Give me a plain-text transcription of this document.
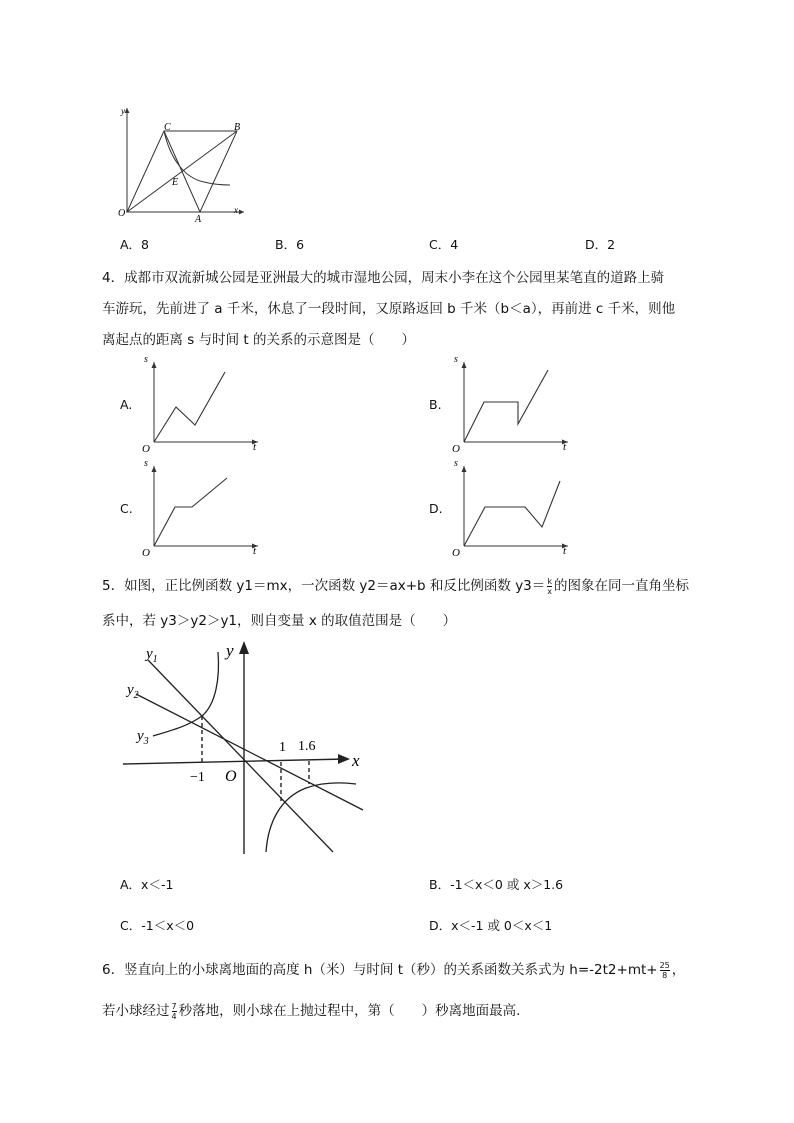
y
x
O
A
B
C
E
A．8	B．6	C．4	D．2
4．成都市双流新城公园是亚洲最大的城市湿地公园，周末小李在这个公园里某笔直的道路上骑
车游玩，先前进了 a 千米，休息了一段时间，又原路返回 b 千米（b＜a），再前进 c 千米，则他
离起点的距离 s 与时间 t 的关系的示意图是（　　）
A.	B.
C.	D.
s
t
O
s
t
O
s
t
O
s
t
O
5．如图，正比例函数 y1＝mx，一次函数 y2＝ax+b 和反比例函数 $y3= \frac{k}{x}$ 的图象在同一直角坐标
系中，若 y3＞y2＞y1，则自变量 x 的取值范围是（　　）
$y_1$
$y_2$
$y_3$
y
x
O
−1
1 1.6
A．x＜-1	B．-1＜x＜0 或 x＞1.6
C．-1＜x＜0	D．x＜-1 或 0＜x＜1
6．竖直向上的小球离地面的高度 h（米）与时间 t（秒）的关系函数关系式为 $h=-2t2+mt+ \frac{25}{8}$ ，
若小球经过 $\frac{7}{4}$ 秒落地，则小球在上抛过程中，第（　　）秒离地面最高.
